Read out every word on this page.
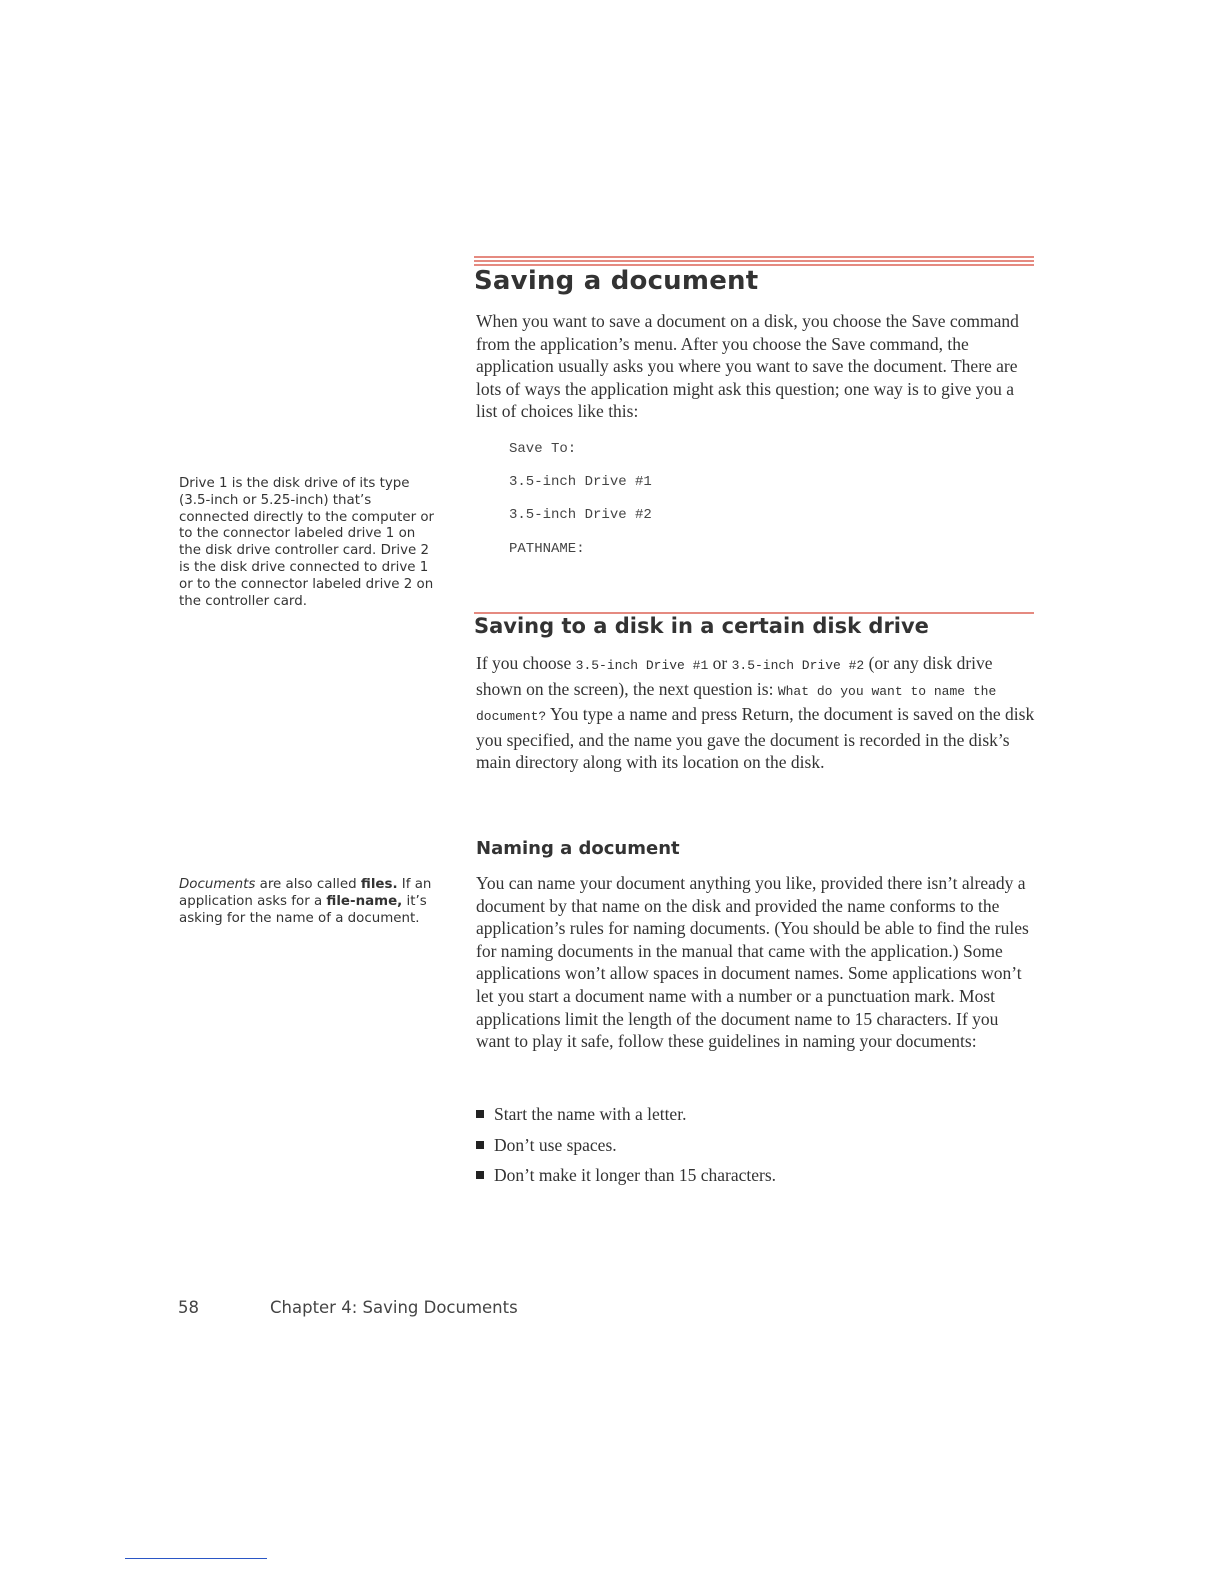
Saving a document
When you want to save a document on a disk, you choose the Save command from the application’s menu. After you choose the Save command, the application usually asks you where you want to save the document. There are lots of ways the application might ask this question; one way is to give you a list of choices like this:
Save To:
3.5-inch Drive #1
3.5-inch Drive #2
PATHNAME:
Drive 1 is the disk drive of its type (3.5-inch or 5.25-inch) that’s connected directly to the computer or to the connector labeled drive 1 on the disk drive controller card. Drive 2 is the disk drive connected to drive 1 or to the connector labeled drive 2 on the controller card.
Saving to a disk in a certain disk drive
If you choose 3.5-inch Drive #1 or 3.5-inch Drive #2 (or any disk drive shown on the screen), the next question is: What do you want to name the document? You type a name and press Return, the document is saved on the disk you specified, and the name you gave the document is recorded in the disk’s main directory along with its location on the disk.
Naming a document
You can name your document anything you like, provided there isn’t already a document by that name on the disk and provided the name conforms to the application’s rules for naming documents. (You should be able to find the rules for naming documents in the manual that came with the application.) Some applications won’t allow spaces in document names. Some applications won’t let you start a document name with a number or a punctuation mark. Most applications limit the length of the document name to 15 characters. If you want to play it safe, follow these guidelines in naming your documents:
Start the name with a letter.
Don’t use spaces.
Don’t make it longer than 15 characters.
Documents are also called files. If an application asks for a file-name, it’s asking for the name of a document.
58	Chapter 4: Saving Documents
